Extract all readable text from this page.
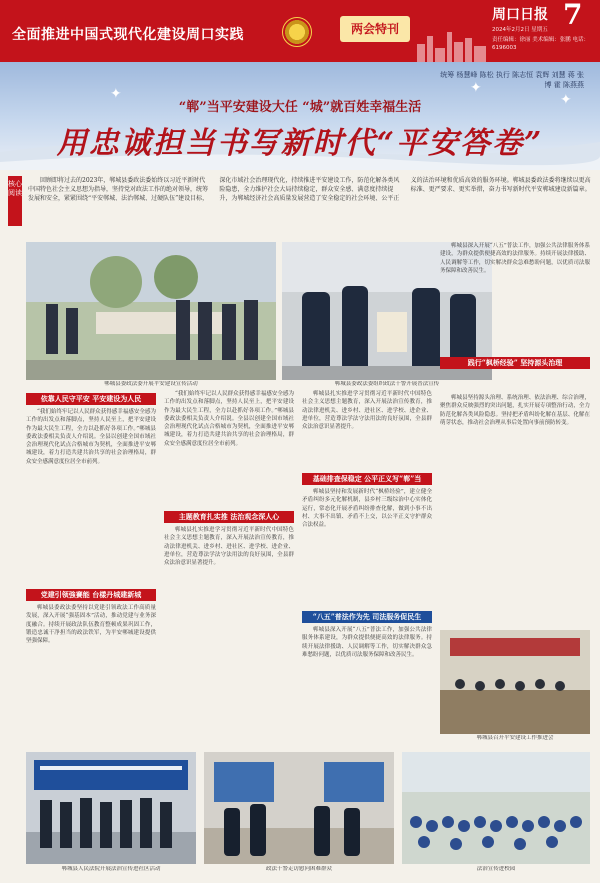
全面推进中国式现代化建设周口实践	两会特刊
周口日报 7
2024年2月2日 星期五
责任编辑：徐丽 美术编辑：张鹏 电话：6196003
✦
✦
✦
统筹 杨慧峰 陈松 执行 陈志恒 袁辉 刘慧 蒋 张博 霍 陈燕燕
“郸”当平安建设大任 “城”就百姓幸福生活
用忠诚担当书写新时代“平安答卷”
核心阅读
回顾即将过去的2023年，郸城县委政法委始终以习近平新时代中国特色社会主义思想为指导，坚持党对政法工作的绝对领导，统筹发展和安全，紧紧围绕“平安郸城、法治郸城、过硬队伍”建设目标，深化市域社会治理现代化，持续推进平安建设工作，防范化解各类风险隐患，全力维护社会大局持续稳定，群众安全感、满意度持续提升，为郸城经济社会高质量发展营造了安全稳定的社会环境、公平正义的法治环境和优质高效的服务环境。郸城县委政法委将继续以更高标准、更严要求、更实举措，奋力书写新时代平安郸城建设新篇章。
郸城县委政法委开展平安建设宣传活动	郸城县委政法委组织政法干警开展普法宣传
依靠人民守平安 平安建设为人民
“我们始终牢记以人民群众获得感幸福感安全感为工作的出发点和落脚点，坚持人民至上，把平安建设作为最大民生工程，全力以赴抓好各项工作。”郸城县委政法委相关负责人介绍说。全县以创建全国市域社会治理现代化试点合格城市为契机，全面推进平安郸城建设，着力打造共建共治共享的社会治理格局，群众安全感满意度位居全市前列。
党建引领強賽能 台樣丹城建新城
郸城县委政法委坚持以党建引领政法工作高质量发展，深入开展“强基固本”活动，推动党建与业务深度融合。持续开展政法队伍教育整顿成果巩固工作，锻造忠诚干净担当的政法铁军，为平安郸城建设提供坚强保障。
“我们始终牢记以人民群众获得感幸福感安全感为工作的出发点和落脚点，坚持人民至上，把平安建设作为最大民生工程，全力以赴抓好各项工作。”郸城县委政法委相关负责人介绍说。全县以创建全国市域社会治理现代化试点合格城市为契机，全面推进平安郸城建设，着力打造共建共治共享的社会治理格局，群众安全感满意度位居全市前列。
主题教育扎实推 法治观念深人心
郸城县扎实推进学习贯彻习近平新时代中国特色社会主义思想主题教育，深入开展法治宣传教育，推动法律进机关、进乡村、进社区、进学校、进企业、进单位，营造尊法学法守法用法的良好氛围，全县群众法治意识显著提升。
郸城县扎实推进学习贯彻习近平新时代中国特色社会主义思想主题教育，深入开展法治宣传教育，推动法律进机关、进乡村、进社区、进学校、进企业、进单位，营造尊法学法守法用法的良好氛围，全县群众法治意识显著提升。
基础排查保稳定 公平正义写“郸”当
郸城县坚持和发展新时代“枫桥经验”，建立健全矛盾纠纷多元化解机制，县乡村三级综治中心实体化运行，常态化开展矛盾纠纷排查化解，做到小事不出村、大事不出镇、矛盾不上交，以公平正义守护群众合法权益。
“八五”普法作为先 司法服务促民生
郸城县深入开展“八五”普法工作，加强公共法律服务体系建设，为群众提供便捷高效的法律服务。持续开展法律援助、人民调解等工作，切实解决群众急难愁盼问题，以优质司法服务保障和改善民生。
郸城县深入开展“八五”普法工作，加强公共法律服务体系建设，为群众提供便捷高效的法律服务。持续开展法律援助、人民调解等工作，切实解决群众急难愁盼问题，以优质司法服务保障和改善民生。
践行“枫桥经验” 坚持源头治理
郸城县坚持源头治理、系统治理、依法治理、综合治理，聚焦群众反映强烈的突出问题，扎实开展专项整治行动，全力防范化解各类风险隐患。坚持把矛盾纠纷化解在基层、化解在萌芽状态，推动社会治理从事后处置向事前预防转变。
郸城县召开平安建设工作推进会
郸城县人民法院开展法治宣传进社区活动	政法干警走访慰问困难群众	法治宣传进校园
